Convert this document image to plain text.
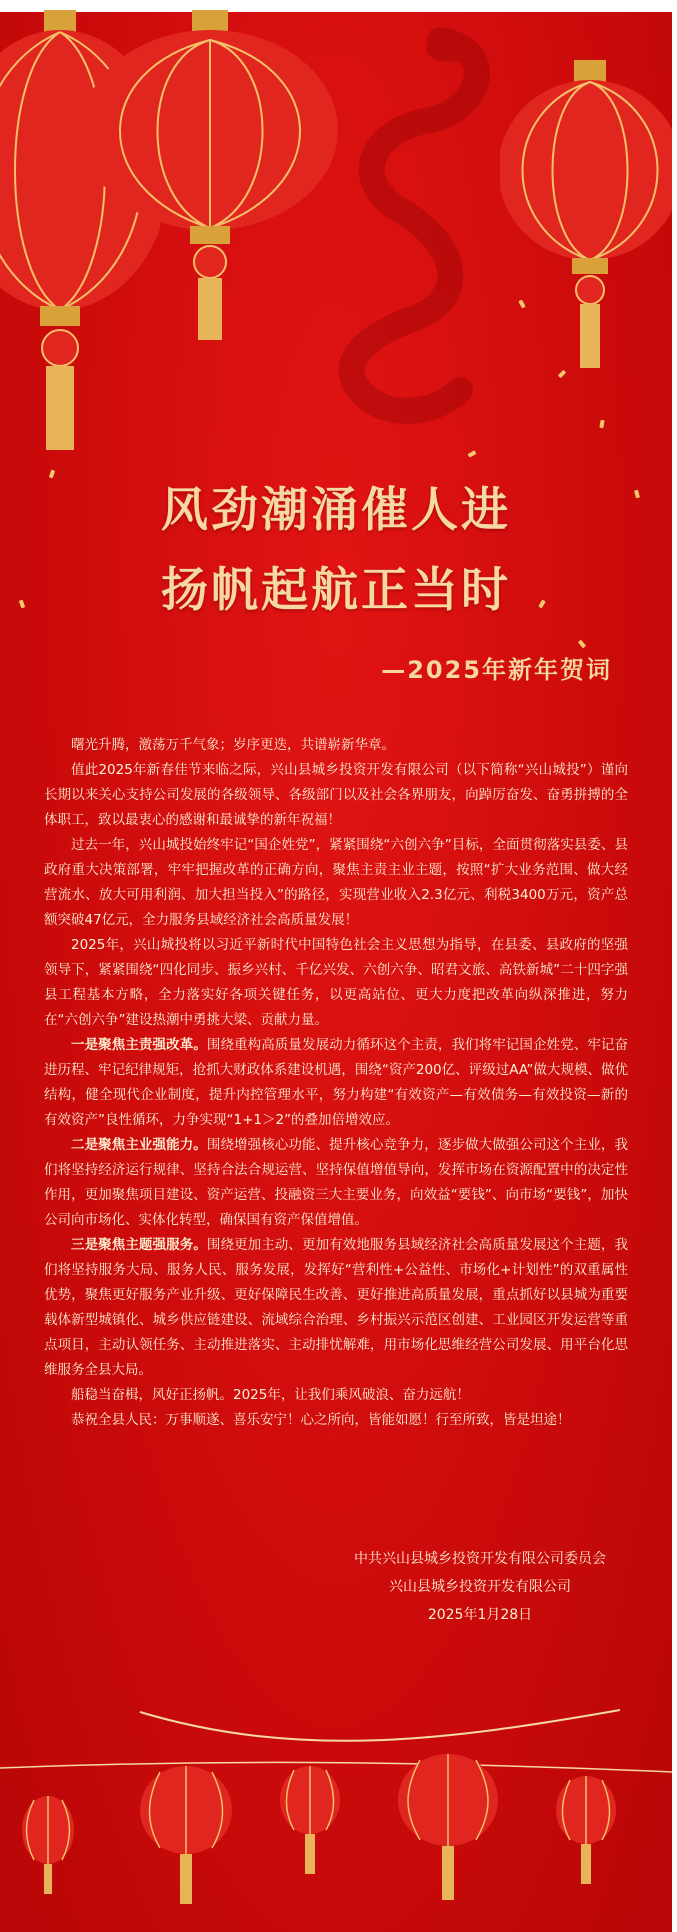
风劲潮涌催人进
扬帆起航正当时
—2025年新年贺词

曙光升腾，激荡万千气象；岁序更迭，共谱崭新华章。

值此2025年新春佳节来临之际，兴山县城乡投资开发有限公司（以下简称“兴山城投”）谨向长期以来关心支持公司发展的各级领导、各级部门以及社会各界朋友，向踔厉奋发、奋勇拼搏的全体职工，致以最衷心的感谢和最诚挚的新年祝福！

过去一年，兴山城投始终牢记“国企姓党”，紧紧围绕“六创六争”目标，全面贯彻落实县委、县政府重大决策部署，牢牢把握改革的正确方向，聚焦主责主业主题，按照“扩大业务范围、做大经营流水、放大可用利润、加大担当投入”的路径，实现营业收入2.3亿元、利税3400万元，资产总额突破47亿元，全力服务县域经济社会高质量发展！

2025年，兴山城投将以习近平新时代中国特色社会主义思想为指导，在县委、县政府的坚强领导下，紧紧围绕“四化同步、振乡兴村、千亿兴发、六创六争、昭君文旅、高铁新城”二十四字强县工程基本方略，全力落实好各项关键任务，以更高站位、更大力度把改革向纵深推进，努力在“六创六争”建设热潮中勇挑大梁、贡献力量。

一是聚焦主责强改革。围绕重构高质量发展动力循环这个主责，我们将牢记国企姓党、牢记奋进历程、牢记纪律规矩，抢抓大财政体系建设机遇，围绕“资产200亿、评级过AA”做大规模、做优结构，健全现代企业制度，提升内控管理水平，努力构建“有效资产—有效债务—有效投资—新的有效资产”良性循环，力争实现“1+1＞2”的叠加倍增效应。

二是聚焦主业强能力。围绕增强核心功能、提升核心竞争力，逐步做大做强公司这个主业，我们将坚持经济运行规律、坚持合法合规运营、坚持保值增值导向，发挥市场在资源配置中的决定性作用，更加聚焦项目建设、资产运营、投融资三大主要业务，向效益“要钱”、向市场“要钱”，加快公司向市场化、实体化转型，确保国有资产保值增值。

三是聚焦主题强服务。围绕更加主动、更加有效地服务县域经济社会高质量发展这个主题，我们将坚持服务大局、服务人民、服务发展，发挥好“营利性+公益性、市场化+计划性”的双重属性优势，聚焦更好服务产业升级、更好保障民生改善、更好推进高质量发展，重点抓好以县城为重要载体新型城镇化、城乡供应链建设、流域综合治理、乡村振兴示范区创建、工业园区开发运营等重点项目，主动认领任务、主动推进落实、主动排忧解难，用市场化思维经营公司发展、用平台化思维服务全县大局。

船稳当奋楫，风好正扬帆。2025年，让我们乘风破浪、奋力远航！

恭祝全县人民：万事顺遂、喜乐安宁！心之所向，皆能如愿！行至所致，皆是坦途！

中共兴山县城乡投资开发有限公司委员会
兴山县城乡投资开发有限公司
2025年1月28日
